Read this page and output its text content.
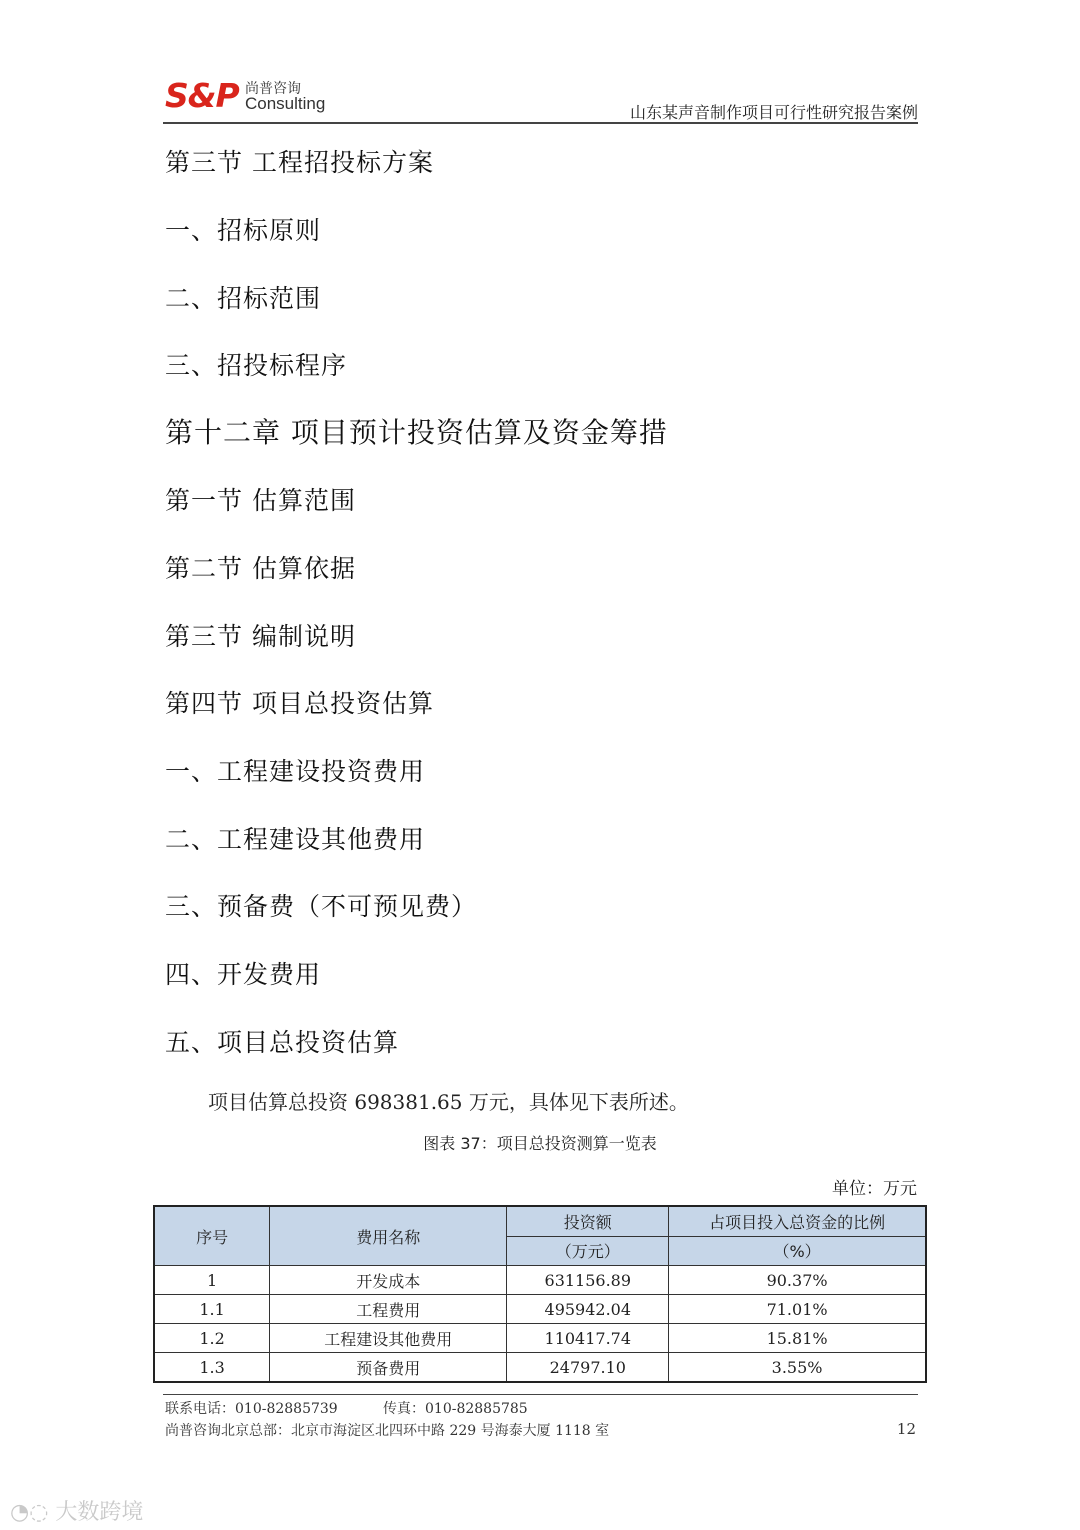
S&P 尚普咨询
Consulting	山东某声音制作项目可行性研究报告案例
第三节 工程招投标方案
一、招标原则
二、招标范围
三、招投标程序
第十二章 项目预计投资估算及资金筹措
第一节 估算范围
第二节 估算依据
第三节 编制说明
第四节 项目总投资估算
一、工程建设投资费用
二、工程建设其他费用
三、预备费（不可预见费）
四、开发费用
五、项目总投资估算
项目估算总投资 698381.65 万元，具体见下表所述。
图表 37：项目总投资测算一览表
单位：万元
序号	费用名称	投资额	占项目投入总资金的比例
		（万元）	（%）
1	开发成本	631156.89	90.37%
1.1	工程费用	495942.04	71.01%
1.2	工程建设其他费用	110417.74	15.81%
1.3	预备费用	24797.10	3.55%
联系电话：010-82885739	传真：010-82885785
尚普咨询北京总部：北京市海淀区北四环中路 229 号海泰大厦 1118 室	12
◔◌ 大数跨境
